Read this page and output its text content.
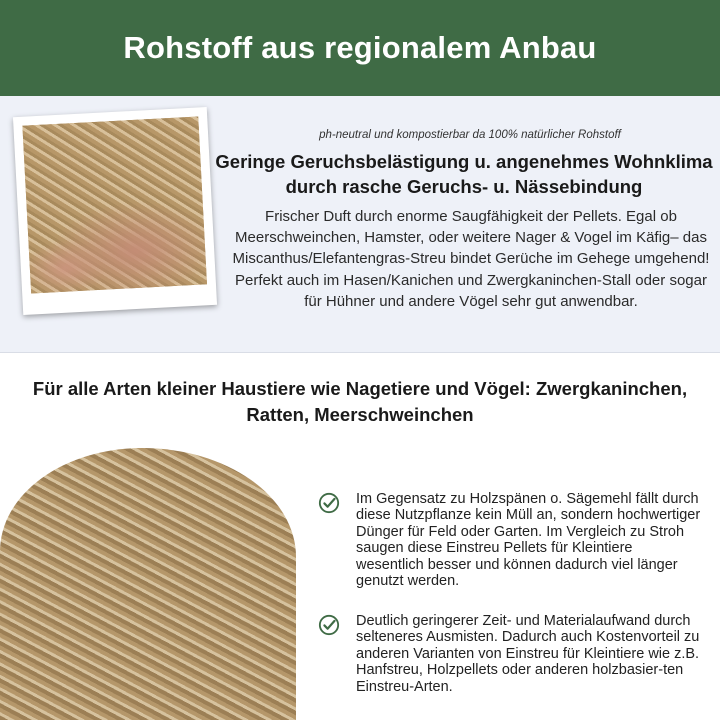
Rohstoff aus regionalem Anbau
ph-neutral und kompostierbar da 100% natürlicher Rohstoff
Geringe Geruchsbelästigung u. angenehmes Wohnklima durch rasche Geruchs- u. Nässebindung
Frischer Duft durch enorme Saugfähigkeit der Pellets. Egal ob Meerschweinchen, Hamster, oder weitere Nager & Vogel im Käfig– das Miscanthus/Elefantengras-Streu bindet Gerüche im Gehege umgehend! Perfekt auch im Hasen/Kanichen und Zwergkaninchen-Stall oder sogar für Hühner und andere Vögel sehr gut anwendbar.
Für alle Arten kleiner Haustiere wie Nagetiere und Vögel: Zwergkaninchen, Ratten, Meerschweinchen
Im Gegensatz zu Holzspänen o. Sägemehl fällt durch diese Nutzpflanze kein Müll an, sondern hochwertiger Dünger für Feld oder Garten. Im Vergleich zu Stroh saugen diese Einstreu Pellets für Kleintiere wesentlich besser und können dadurch viel länger genutzt werden.
Deutlich geringerer Zeit- und Materialaufwand durch selteneres Ausmisten. Dadurch auch Kostenvorteil zu anderen Varianten von Einstreu für Kleintiere wie z.B. Hanfstreu, Holzpellets oder anderen holzbasier-ten Einstreu-Arten.
